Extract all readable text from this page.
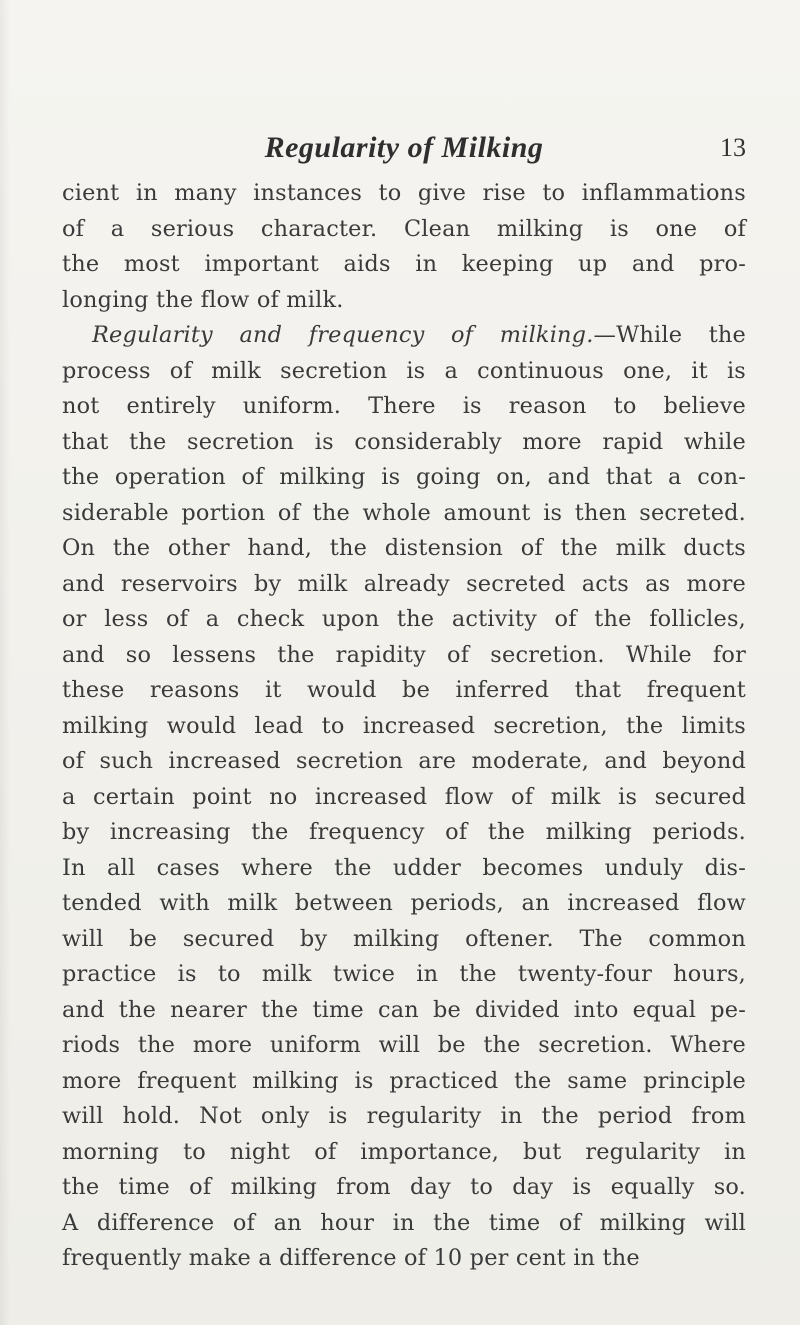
Regularity of Milking	13
cient in many instances to give rise to inflammations
of a serious character. Clean milking is one of
the most important aids in keeping up and pro-
longing the flow of milk.
Regularity and frequency of milking.—While the
process of milk secretion is a continuous one, it is
not entirely uniform. There is reason to believe
that the secretion is considerably more rapid while
the operation of milking is going on, and that a con-
siderable portion of the whole amount is then secreted.
On the other hand, the distension of the milk ducts
and reservoirs by milk already secreted acts as more
or less of a check upon the activity of the follicles,
and so lessens the rapidity of secretion. While for
these reasons it would be inferred that frequent
milking would lead to increased secretion, the limits
of such increased secretion are moderate, and beyond
a certain point no increased flow of milk is secured
by increasing the frequency of the milking periods.
In all cases where the udder becomes unduly dis-
tended with milk between periods, an increased flow
will be secured by milking oftener. The common
practice is to milk twice in the twenty-four hours,
and the nearer the time can be divided into equal pe-
riods the more uniform will be the secretion. Where
more frequent milking is practiced the same principle
will hold. Not only is regularity in the period from
morning to night of importance, but regularity in
the time of milking from day to day is equally so.
A difference of an hour in the time of milking will
frequently make a difference of 10 per cent in the
